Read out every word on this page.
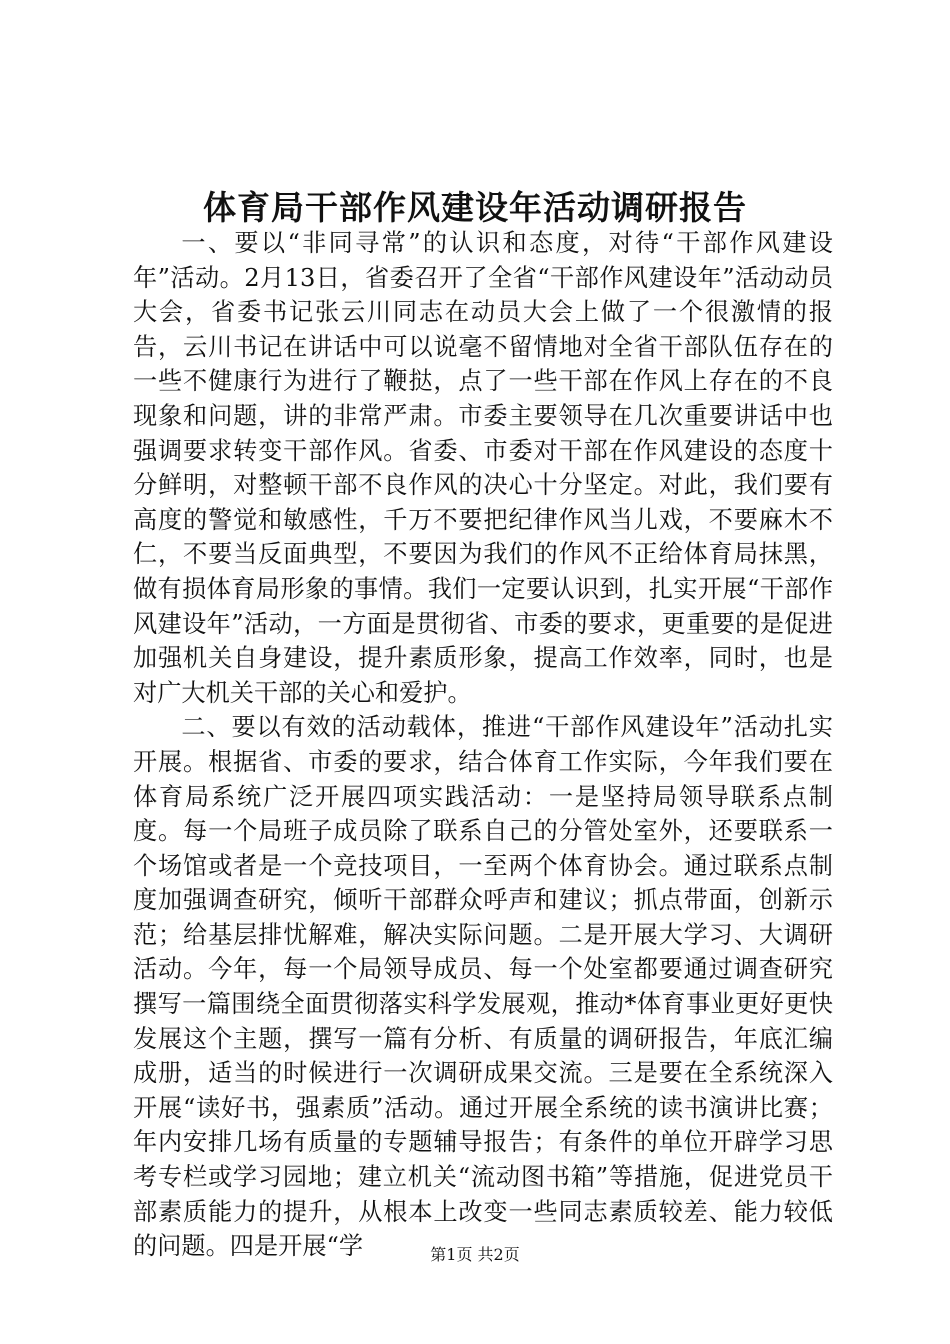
体育局干部作风建设年活动调研报告

一、要以“非同寻常”的认识和态度，对待“干部作风建设年”活动。2月13日，省委召开了全省“干部作风建设年”活动动员大会，省委书记张云川同志在动员大会上做了一个很激情的报告，云川书记在讲话中可以说毫不留情地对全省干部队伍存在的一些不健康行为进行了鞭挞，点了一些干部在作风上存在的不良现象和问题，讲的非常严肃。市委主要领导在几次重要讲话中也强调要求转变干部作风。省委、市委对干部在作风建设的态度十分鲜明，对整顿干部不良作风的决心十分坚定。对此，我们要有高度的警觉和敏感性，千万不要把纪律作风当儿戏，不要麻木不仁，不要当反面典型，不要因为我们的作风不正给体育局抹黑，做有损体育局形象的事情。我们一定要认识到，扎实开展“干部作风建设年”活动，一方面是贯彻省、市委的要求，更重要的是促进加强机关自身建设，提升素质形象，提高工作效率，同时，也是对广大机关干部的关心和爱护。

二、要以有效的活动载体，推进“干部作风建设年”活动扎实开展。根据省、市委的要求，结合体育工作实际，今年我们要在体育局系统广泛开展四项实践活动：一是坚持局领导联系点制度。每一个局班子成员除了联系自己的分管处室外，还要联系一个场馆或者是一个竞技项目，一至两个体育协会。通过联系点制度加强调查研究，倾听干部群众呼声和建议；抓点带面，创新示范；给基层排忧解难，解决实际问题。二是开展大学习、大调研活动。今年，每一个局领导成员、每一个处室都要通过调查研究撰写一篇围绕全面贯彻落实科学发展观，推动*体育事业更好更快发展这个主题，撰写一篇有分析、有质量的调研报告，年底汇编成册，适当的时候进行一次调研成果交流。三是要在全系统深入开展“读好书，强素质”活动。通过开展全系统的读书演讲比赛；年内安排几场有质量的专题辅导报告；有条件的单位开辟学习思考专栏或学习园地；建立机关“流动图书箱”等措施，促进党员干部素质能力的提升，从根本上改变一些同志素质较差、能力较低的问题。四是开展“学	第1页 共2页
